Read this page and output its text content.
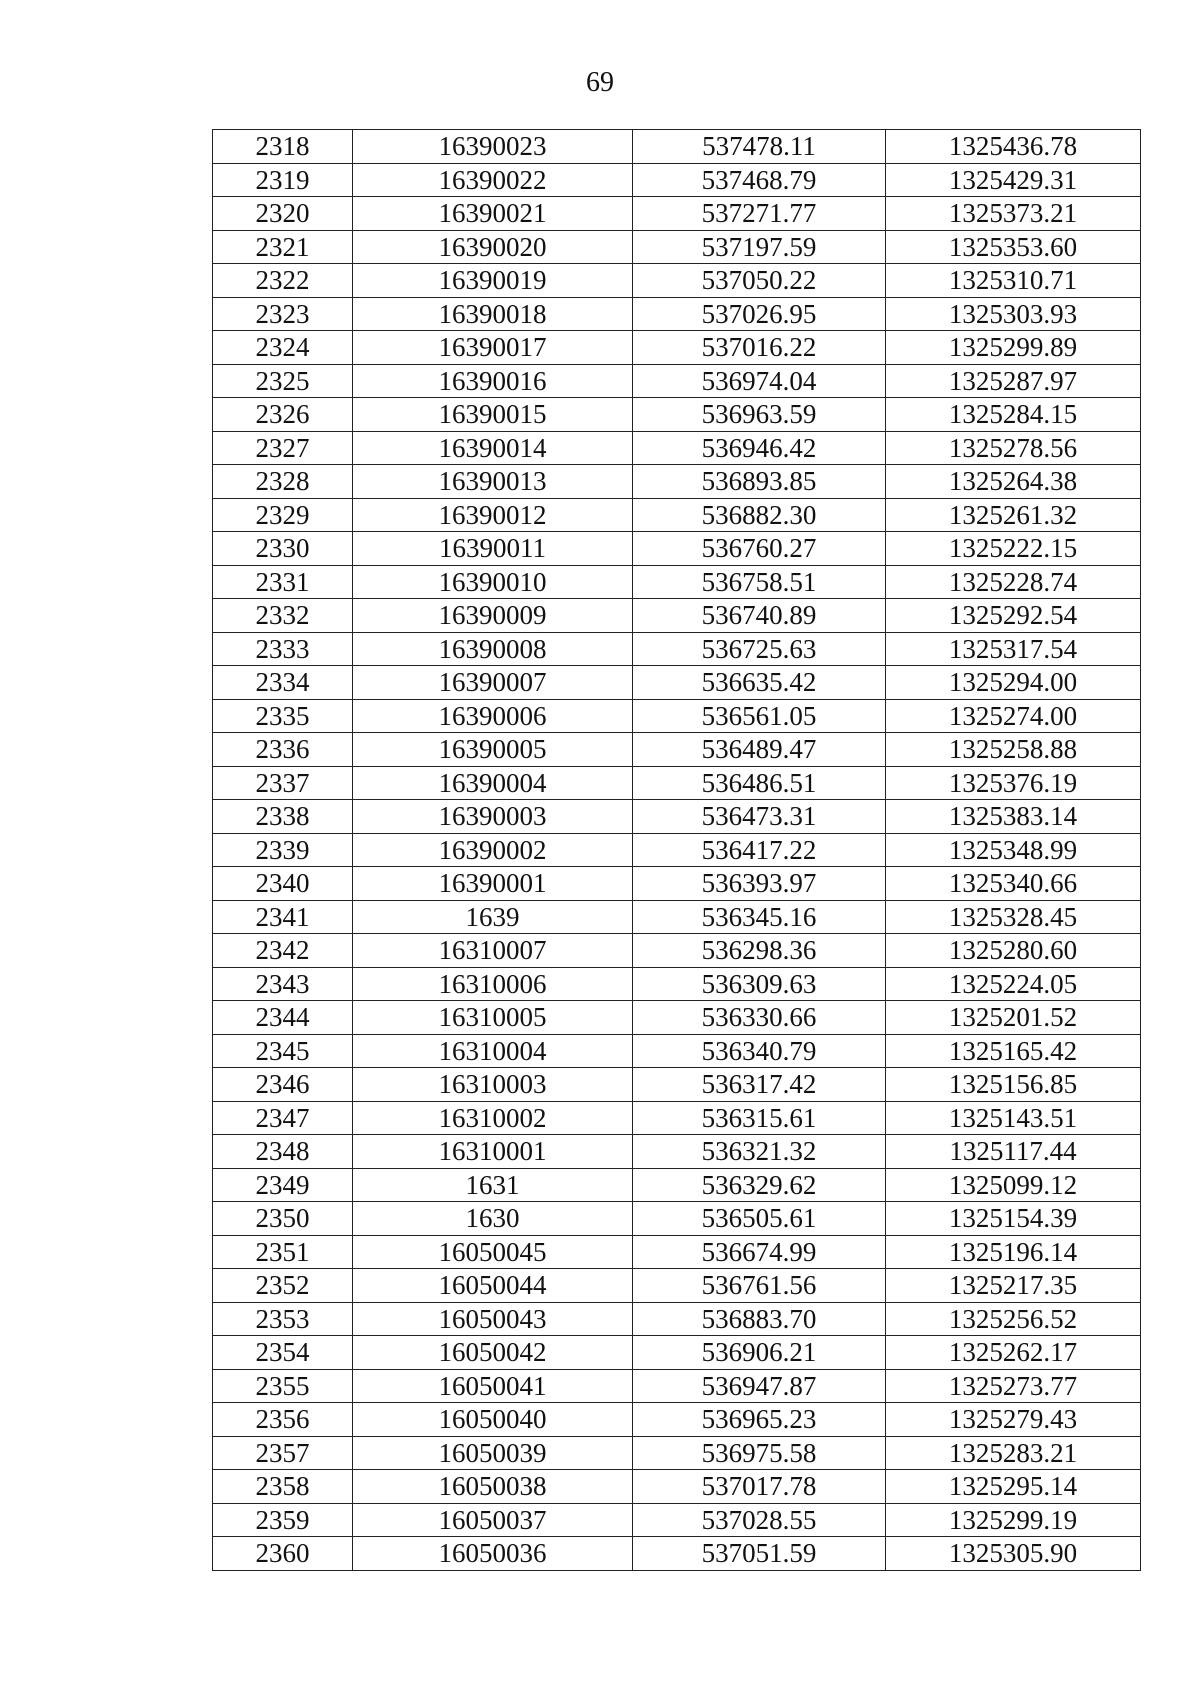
69
2318	16390023	537478.11	1325436.78
2319	16390022	537468.79	1325429.31
2320	16390021	537271.77	1325373.21
2321	16390020	537197.59	1325353.60
2322	16390019	537050.22	1325310.71
2323	16390018	537026.95	1325303.93
2324	16390017	537016.22	1325299.89
2325	16390016	536974.04	1325287.97
2326	16390015	536963.59	1325284.15
2327	16390014	536946.42	1325278.56
2328	16390013	536893.85	1325264.38
2329	16390012	536882.30	1325261.32
2330	16390011	536760.27	1325222.15
2331	16390010	536758.51	1325228.74
2332	16390009	536740.89	1325292.54
2333	16390008	536725.63	1325317.54
2334	16390007	536635.42	1325294.00
2335	16390006	536561.05	1325274.00
2336	16390005	536489.47	1325258.88
2337	16390004	536486.51	1325376.19
2338	16390003	536473.31	1325383.14
2339	16390002	536417.22	1325348.99
2340	16390001	536393.97	1325340.66
2341	1639	536345.16	1325328.45
2342	16310007	536298.36	1325280.60
2343	16310006	536309.63	1325224.05
2344	16310005	536330.66	1325201.52
2345	16310004	536340.79	1325165.42
2346	16310003	536317.42	1325156.85
2347	16310002	536315.61	1325143.51
2348	16310001	536321.32	1325117.44
2349	1631	536329.62	1325099.12
2350	1630	536505.61	1325154.39
2351	16050045	536674.99	1325196.14
2352	16050044	536761.56	1325217.35
2353	16050043	536883.70	1325256.52
2354	16050042	536906.21	1325262.17
2355	16050041	536947.87	1325273.77
2356	16050040	536965.23	1325279.43
2357	16050039	536975.58	1325283.21
2358	16050038	537017.78	1325295.14
2359	16050037	537028.55	1325299.19
2360	16050036	537051.59	1325305.90
